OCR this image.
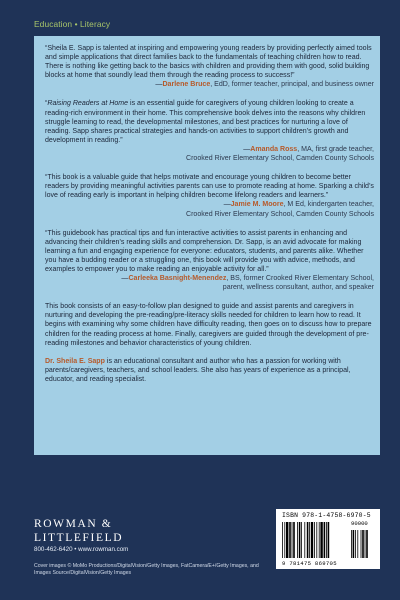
Education • Literacy

“Sheila E. Sapp is talented at inspiring and empowering young readers by providing perfectly aimed tools and simple applications that direct families back to the fundamentals of teaching children how to read. There is nothing like getting back to the basics with children and providing them with good, solid building blocks at home that soundly lead them through the reading process to success!”

—Darlene Bruce, EdD, former teacher, principal, and business owner

“Raising Readers at Home is an essential guide for caregivers of young children looking to create a reading-rich environment in their home. This comprehensive book delves into the reasons why children struggle learning to read, the developmental milestones, and best practices for nurturing a love of reading. Sapp shares practical strategies and hands-on activities to support children’s growth and development in reading.”

—Amanda Ross, MA, first grade teacher,
Crooked River Elementary School, Camden County Schools

“This book is a valuable guide that helps motivate and encourage young children to become better readers by providing meaningful activities parents can use to promote reading at home. Sparking a child’s love of reading early is important in helping children become lifelong readers and learners.”

—Jamie M. Moore, M Ed, kindergarten teacher,
Crooked River Elementary School, Camden County Schools

“This guidebook has practical tips and fun interactive activities to assist parents in enhancing and advancing their children’s reading skills and comprehension. Dr. Sapp, is an avid advocate for making learning a fun and engaging experience for everyone: educators, students, and parents alike. Whether you have a budding reader or a struggling one, this book will provide you with advice, methods, and examples to empower you to make reading an enjoyable activity for all.”

—Carleeka Basnight-Menendez, BS, former Crooked River Elementary School,
parent, wellness consultant, author, and speaker

This book consists of an easy-to-follow plan designed to guide and assist parents and caregivers in nurturing and developing the pre-reading/pre-literacy skills needed for children to learn how to read. It begins with examining why some children have difficulty reading, then goes on to discuss how to prepare children for the reading process at home. Finally, caregivers are guided through the development of pre-reading milestones and behavior characteristics of young children.

Dr. Sheila E. Sapp is an educational consultant and author who has a passion for working with parents/caregivers, teachers, and school leaders. She also has years of experience as a principal, educator, and reading specialist.

ROWMAN &
LITTLEFIELD
800-462-6420 • www.rowman.com
Cover images © MoMo Productions/DigitalVision/Getty Images, FatCamera/E+/Getty Images, and Images Source/DigitalVision/Getty Images
ISBN 978-1-4758-6970-5
90000
9 781475 869705
